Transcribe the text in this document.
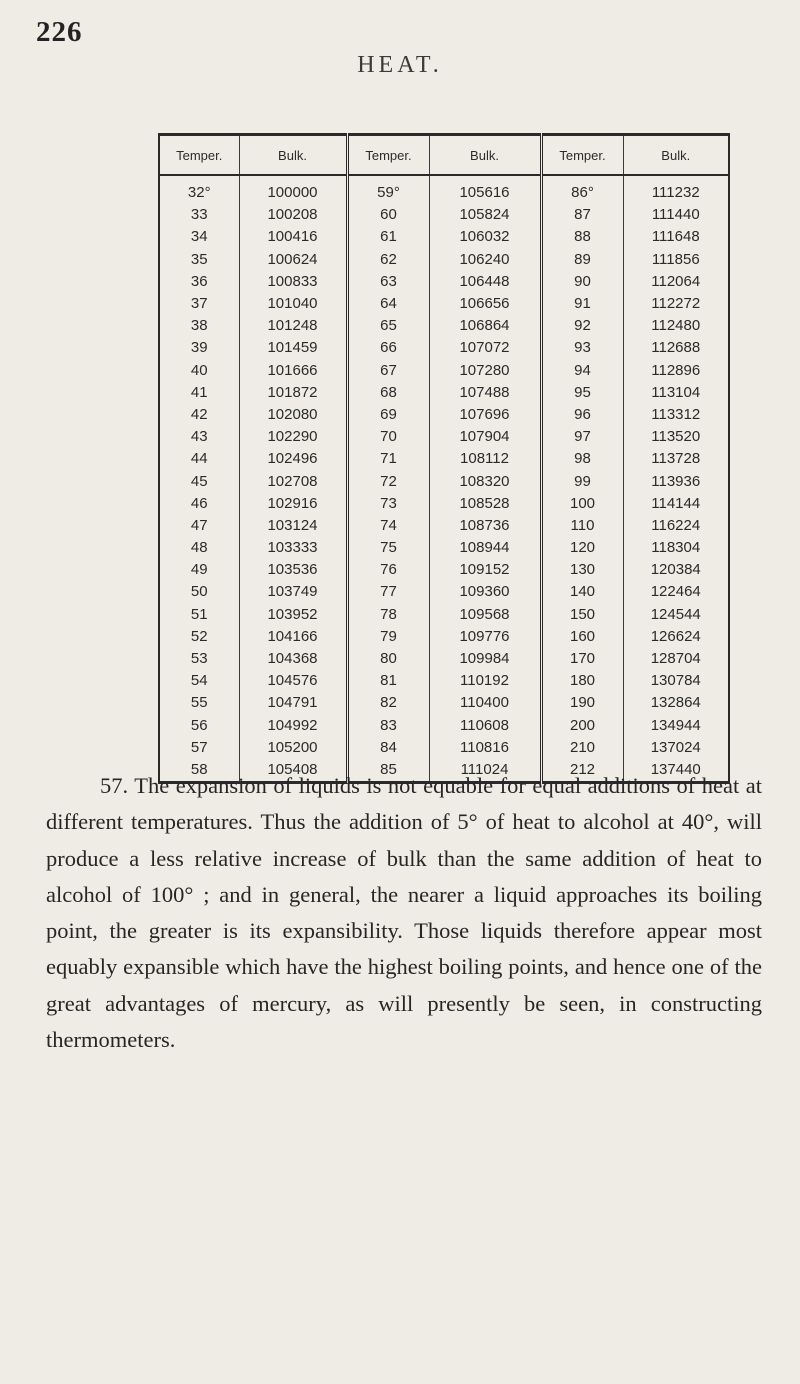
226
HEAT.
Temper.	Bulk.	Temper.	Bulk.	Temper.	Bulk.
32°	100000	59°	105616	86°	111232
33	100208	60	105824	87	111440
34	100416	61	106032	88	111648
35	100624	62	106240	89	111856
36	100833	63	106448	90	112064
37	101040	64	106656	91	112272
38	101248	65	106864	92	112480
39	101459	66	107072	93	112688
40	101666	67	107280	94	112896
41	101872	68	107488	95	113104
42	102080	69	107696	96	113312
43	102290	70	107904	97	113520
44	102496	71	108112	98	113728
45	102708	72	108320	99	113936
46	102916	73	108528	100	114144
47	103124	74	108736	110	116224
48	103333	75	108944	120	118304
49	103536	76	109152	130	120384
50	103749	77	109360	140	122464
51	103952	78	109568	150	124544
52	104166	79	109776	160	126624
53	104368	80	109984	170	128704
54	104576	81	110192	180	130784
55	104791	82	110400	190	132864
56	104992	83	110608	200	134944
57	105200	84	110816	210	137024
58	105408	85	111024	212	137440

57. The expansion of liquids is not equable for equal additions of heat at different temperatures. Thus the addition of 5° of heat to alcohol at 40°, will produce a less relative increase of bulk than the same addition of heat to alcohol of 100° ; and in general, the nearer a liquid approaches its boiling point, the greater is its expansibility. Those liquids therefore appear most equably expansible which have the highest boiling points, and hence one of the great advantages of mercury, as will presently be seen, in constructing thermometers.
